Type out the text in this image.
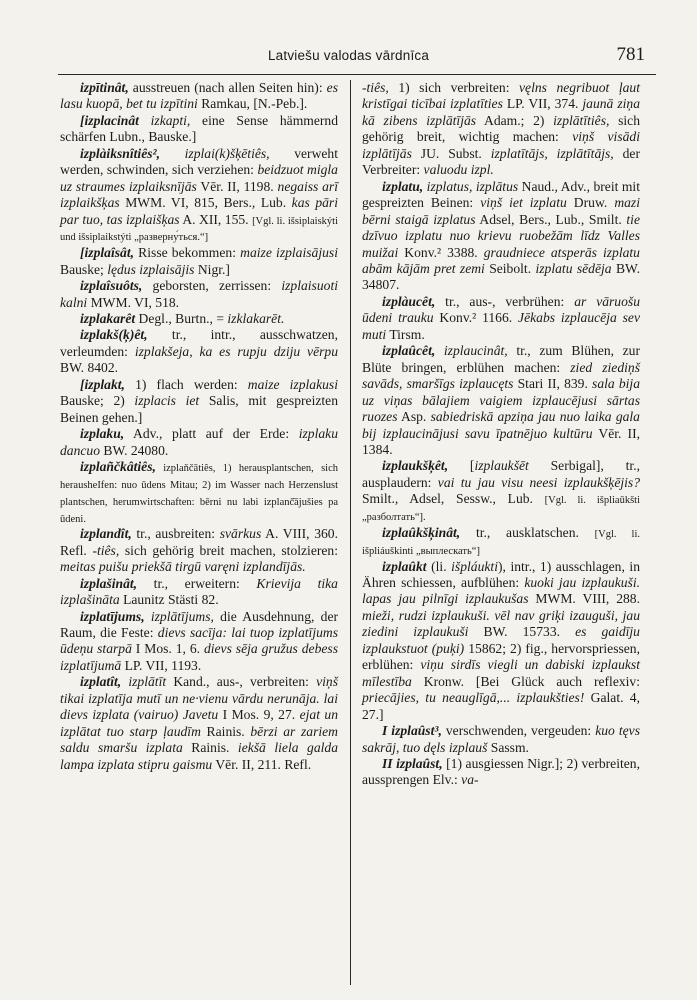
Latviešu valodas vārdnīca	781

izpītinât, ausstreuen (nach allen Seiten hin): es lasu kuopā, bet tu izpītini Ramkau, [N.-Peb.].

[izplacinât izkapti, eine Sense hämmernd schärfen Lubn., Bauske.]

izplàiksnîtiês², izplai(k)šķētiês, verweht werden, schwinden, sich verziehen: beidzuot migla uz straumes izplaiksnījās Vēr. II, 1198. negaiss arī izplaikšķas MWM. VI, 815, Bers., Lub. kas pāri par tuo, tas izplaišķas A. XII, 155. [Vgl. li. išsiplaiskýti und išsiplaikstýti „разверну́ться.“]

[izplaîsât, Risse bekommen: maize izplaisājusi Bauske; lędus izplaisājis Nigr.]

izplaîsuôts, geborsten, zerrissen: izplaisuoti kalni MWM. VI, 518.

izplakarêt Degl., Burtn., = izklakarēt.

izplakš(ķ)êt, tr., intr., ausschwatzen, verleumden: izplakšeja, ka es rupju dziju vērpu BW. 8402.

[izplakt, 1) flach werden: maize izplakusi Bauske; 2) izplacis iet Salis, mit gespreizten Beinen gehen.]

izplaku, Adv., platt auf der Erde: izplaku dancuo BW. 24080.

izplañčkâtiês, izplaňčātiês, 1) herausplantschen, sich herausheIfen: nuo ūdens Mitau; 2) im Wasser nach Herzenslust plantschen, herumwirtschaften: bērni nu labi izplanč̄ājušies pa ūdeni.

izplandît, tr., ausbreiten: svārkus A. VIII, 360. Refl. -tiês, sich gehörig breit machen, stolzieren: meitas puišu priekšā tirgū varęni izplandījās.

izplašinât, tr., erweitern: Krievija tika izplašināta Launitz Stästi 82.

izplatījums, izplātījums, die Ausdehnung, der Raum, die Feste: dievs sacīja: lai tuop izplatījums ūdeņu starpā I Mos. 1, 6. dievs sēja gružus debess izplatījumā LP. VII, 1193.

izplatît, izplātīt Kand., aus-, verbreiten: viņš tikai izplatīja mutī un ne·vienu vārdu nerunāja. lai dievs izplata (vairuo) Javetu I Mos. 9, 27. ejat un izplātat tuo starp ļaudīm Rainis. bērzi ar zariem saldu smaršu izplata Rainis. iekšā liela galda lampa izplata stipru gaismu Vēr. II, 211. Refl.

-tiês, 1) sich verbreiten: vęlns negribuot ļaut kristīgai ticībai izplatīties LP. VII, 374. jaunā ziņa kā zibens izplātījās Adam.; 2) izplātītiês, sich gehörig breit, wichtig machen: viņš visādi izplātījās JU. Subst. izplatītājs, izplātītājs, der Verbreiter: valuodu izpl.

izplatu, izplatus, izplātus Naud., Adv., breit mit gespreizten Beinen: viņš iet izplatu Druw. mazi bērni staigā izplatus Adsel, Bers., Lub., Smilt. tie dzīvuo izplatu nuo krievu ruobežām līdz Valles muižai Konv.² 3388. graudniece atsperās izplatu abām kājām pret zemi Seibolt. izplatu sēdēja BW. 34807.

izplàucêt, tr., aus-, verbrühen: ar vāruošu ūdeni trauku Konv.² 1166. Jēkabs izplaucēja sev muti Tirsm.

izplaûcêt, izplaucinât, tr., zum Blühen, zur Blüte bringen, erblühen machen: zied ziediņš savāds, smaršīgs izplaucęts Stari II, 839. sala bija uz viņas bālajiem vaigiem izplaucējusi sārtas ruozes Asp. sabiedriskā apziņa jau nuo laika gala bij izplaucinājusi savu īpatnējuo kultūru Vēr. II, 1384.

izplaukšķêt, [izplaukšēt Serbigal], tr., ausplaudern: vai tu jau visu neesi izplaukšķējis? Smilt., Adsel, Sessw., Lub. [Vgl. li. išpliaūkšti „разболтать“].

izplaûkšķinât, tr., ausklatschen. [Vgl. li. išpliáuškinti „выплескать“]

izplaûkt (li. išpláukti), intr., 1) ausschlagen, in Ähren schiessen, aufblühen: kuoki jau izplaukuši. lapas jau pilnīgi izplaukušas MWM. VIII, 288. mieži, rudzi izplaukuši. vēl nav griķi izauguši, jau ziedini izplaukuši BW. 15733. es gaidīju izplaukstuot (puķi) 15862; 2) fig., hervorspriessen, erblühen: viņu sirdīs viegli un dabiski izplaukst mīlestība Kronw. [Bei Glück auch reflexiv: priecājies, tu neauglīgā,... izplaukšties! Galat. 4, 27.]

I izplaûst³, verschwenden, vergeuden: kuo tęvs sakrāj, tuo dęls izplauš Sassm.

II izplaûst, [1) ausgiessen Nigr.]; 2) verbreiten, aussprengen Elv.: va-
